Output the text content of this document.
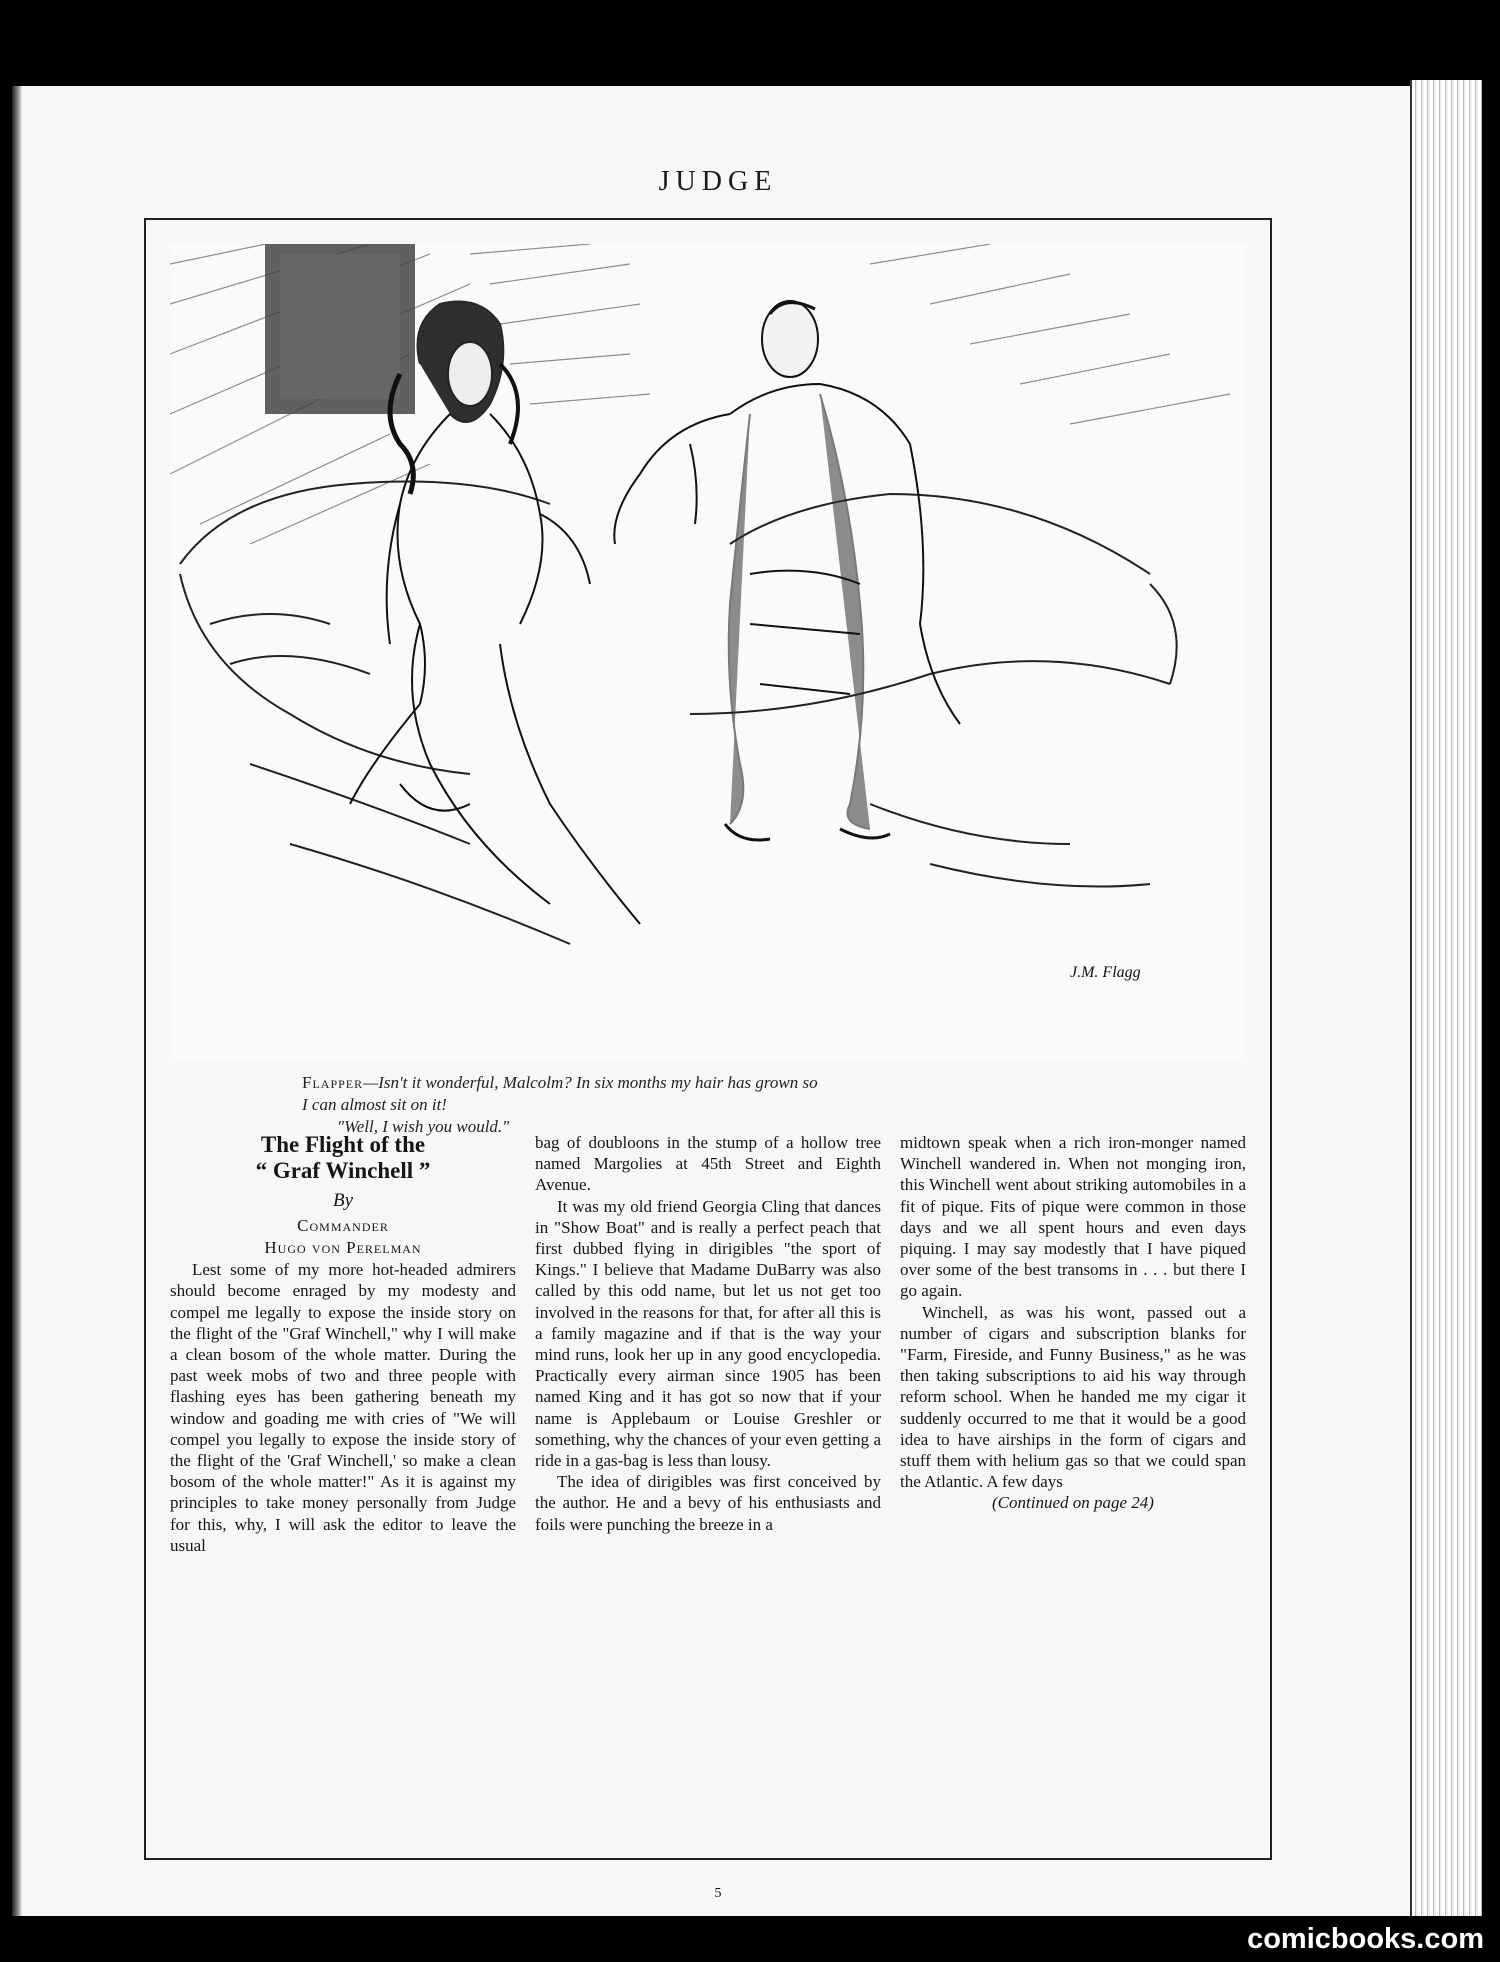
JUDGE
J.M. Flagg
Flapper—Isn't it wonderful, Malcolm? In six months my hair has grown so
I can almost sit on it!
"Well, I wish you would."
The Flight of the
“ Graf Winchell ”
By
Commander
Hugo von Perelman

Lest some of my more hot-headed admirers should become enraged by my modesty and compel me legally to expose the inside story on the flight of the "Graf Winchell," why I will make a clean bosom of the whole matter. During the past week mobs of two and three people with flashing eyes has been gathering beneath my window and goading me with cries of "We will compel you legally to expose the inside story of the flight of the 'Graf Winchell,' so make a clean bosom of the whole matter!" As it is against my principles to take money personally from Judge for this, why, I will ask the editor to leave the usual

bag of doubloons in the stump of a hollow tree named Margolies at 45th Street and Eighth Avenue.

It was my old friend Georgia Cling that dances in "Show Boat" and is really a perfect peach that first dubbed flying in dirigibles "the sport of Kings." I believe that Madame DuBarry was also called by this odd name, but let us not get too involved in the reasons for that, for after all this is a family magazine and if that is the way your mind runs, look her up in any good encyclopedia. Practically every airman since 1905 has been named King and it has got so now that if your name is Applebaum or Louise Greshler or something, why the chances of your even getting a ride in a gas-bag is less than lousy.

The idea of dirigibles was first conceived by the author. He and a bevy of his enthusiasts and foils were punching the breeze in a

midtown speak when a rich iron-monger named Winchell wandered in. When not monging iron, this Winchell went about striking automobiles in a fit of pique. Fits of pique were common in those days and we all spent hours and even days piquing. I may say modestly that I have piqued over some of the best transoms in . . . but there I go again.

Winchell, as was his wont, passed out a number of cigars and subscription blanks for "Farm, Fireside, and Funny Business," as he was then taking subscriptions to aid his way through reform school. When he handed me my cigar it suddenly occurred to me that it would be a good idea to have airships in the form of cigars and stuff them with helium gas so that we could span the Atlantic. A few days

(Continued on page 24)

5
comicbooks.com
